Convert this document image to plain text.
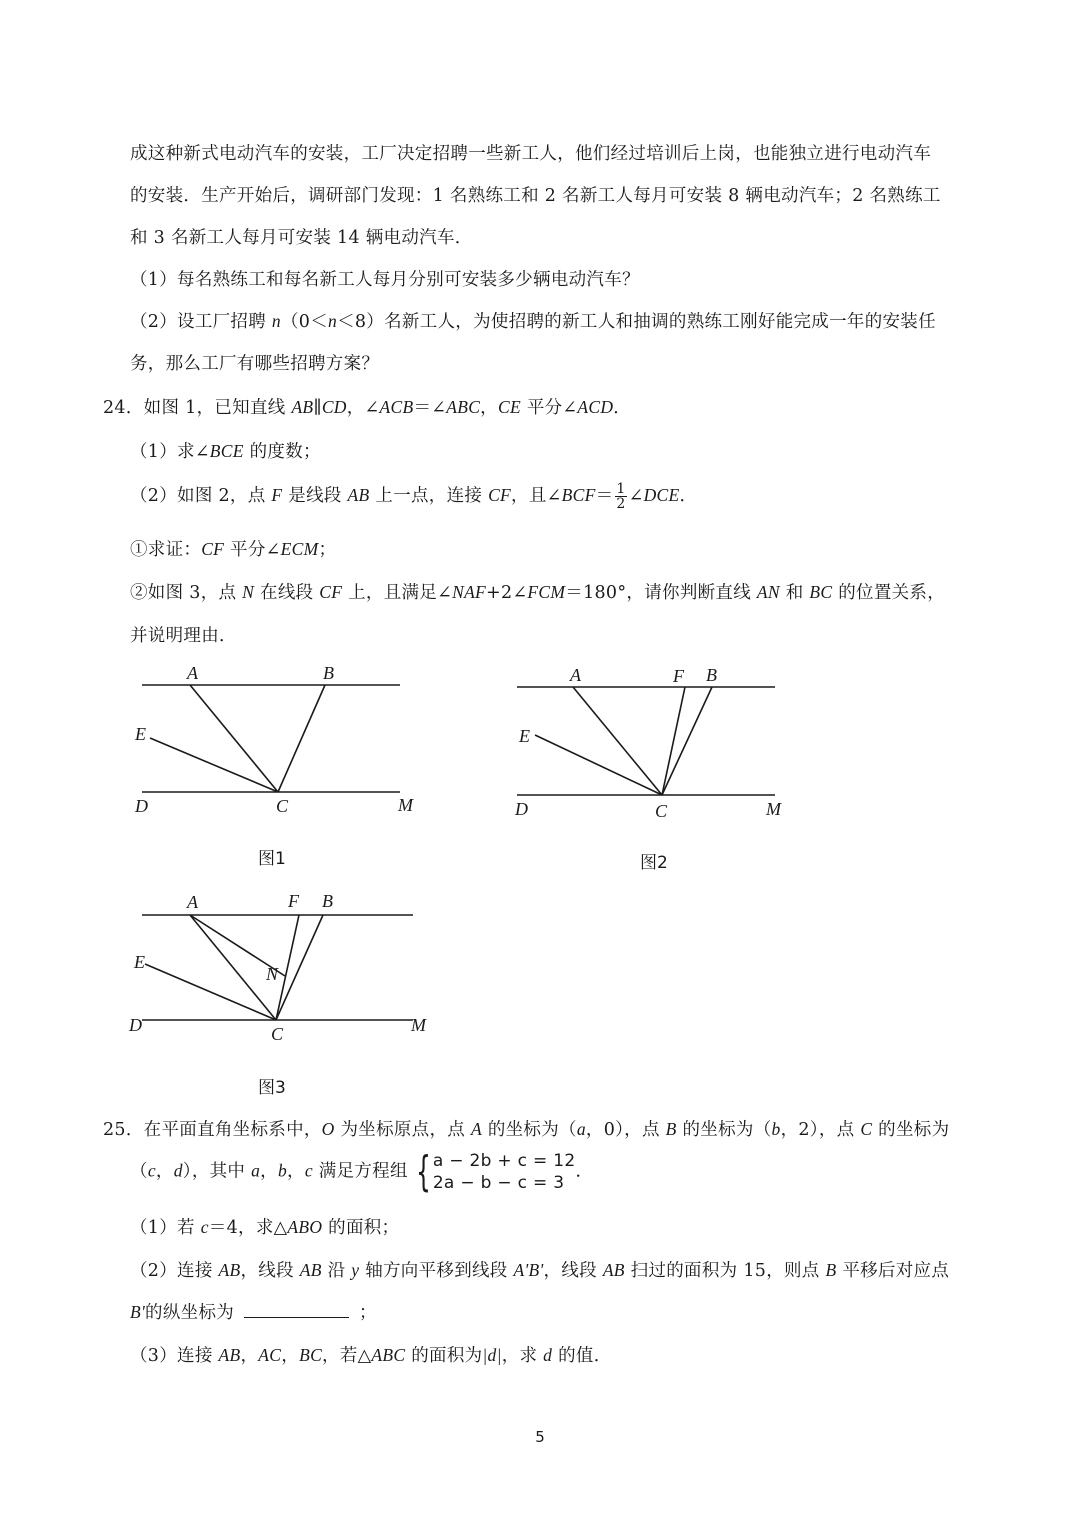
成这种新式电动汽车的安装，工厂决定招聘一些新工人，他们经过培训后上岗，也能独立进行电动汽车
的安装．生产开始后，调研部门发现：1 名熟练工和 2 名新工人每月可安装 8 辆电动汽车；2 名熟练工
和 3 名新工人每月可安装 14 辆电动汽车．
（1）每名熟练工和每名新工人每月分别可安装多少辆电动汽车？
（2）设工厂招聘 n（0＜n＜8）名新工人，为使招聘的新工人和抽调的熟练工刚好能完成一年的安装任
务，那么工厂有哪些招聘方案？
24．如图 1，已知直线 AB∥CD，∠ACB＝∠ABC，CE 平分∠ACD．
（1）求∠BCE 的度数；
（2）如图 2，点 F 是线段 AB 上一点，连接 CF，且∠BCF＝ $\frac{1}{2}$ ∠DCE．
①求证：CF 平分∠ECM；
②如图 3，点 N 在线段 CF 上，且满足∠NAF+2∠FCM＝180°，请你判断直线 AN 和 BC 的位置关系，
并说明理由．
A	B
E
D	C	M
图1
A	F B
E
D	C	M
图2
A	F B
E
N
D	C	M
图3
25．在平面直角坐标系中，O 为坐标原点，点 A 的坐标为（a，0），点 B 的坐标为（b，2），点 C 的坐标为
（c，d），其中 a，b，c 满足方程组 { a − 2b + c = 12
2a − b − c = 3
．
（1）若 c＝4，求△ABO 的面积；
（2）连接 AB，线段 AB 沿 y 轴方向平移到线段 A'B'，线段 AB 扫过的面积为 15，则点 B 平移后对应点
B'的纵坐标为	；
（3）连接 AB，AC，BC，若△ABC 的面积为|d|，求 d 的值．
5
